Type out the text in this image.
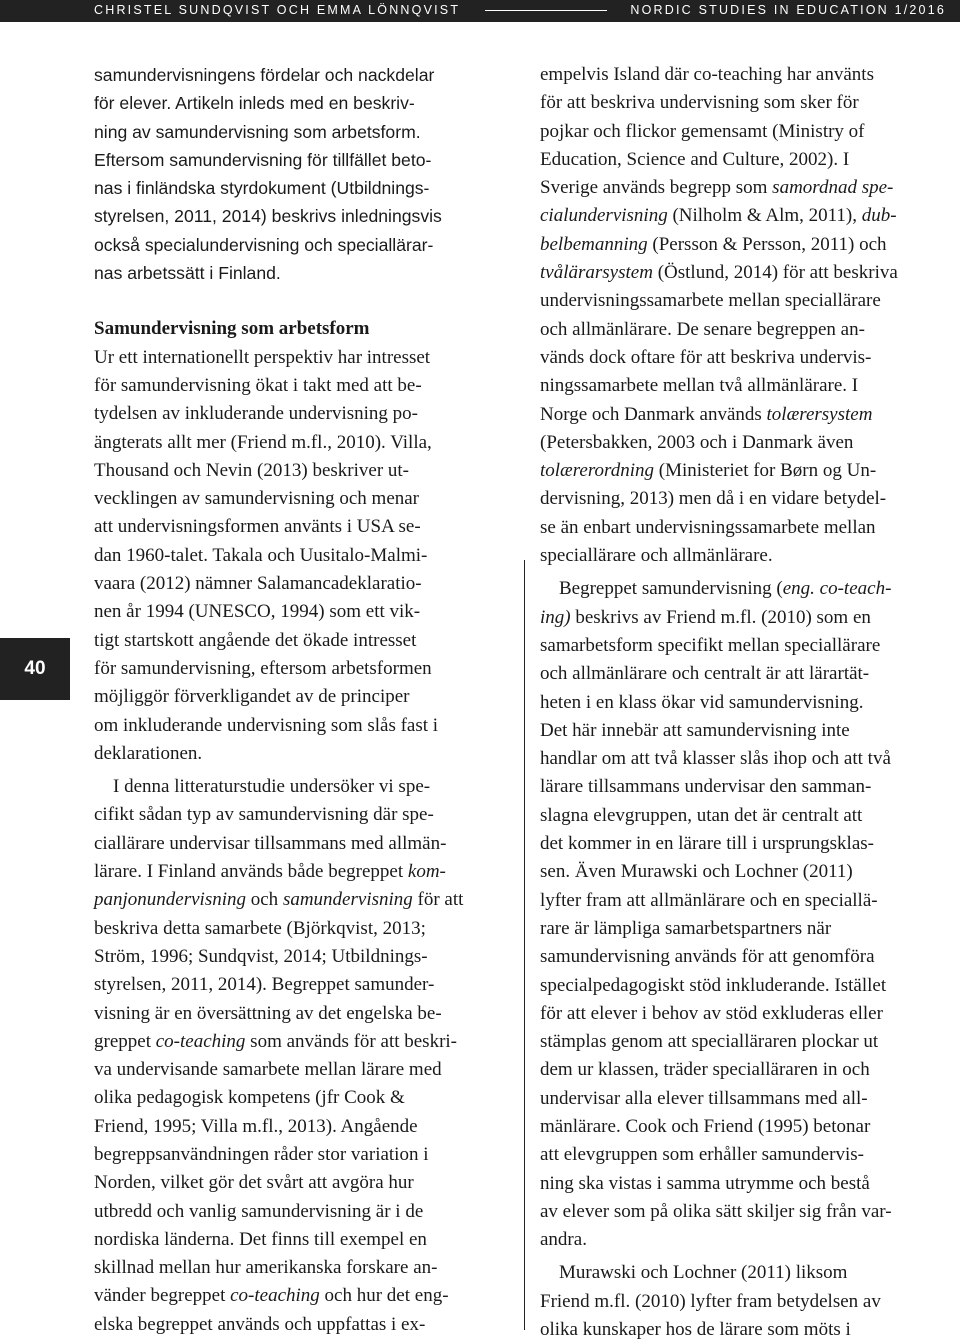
CHRISTEL SUNDQVIST OCH EMMA LÖNNQVIST	NORDIC STUDIES IN EDUCATION 1/2016
40

samundervisningens fördelar och nackdelar
för elever. Artikeln inleds med en beskriv-
ning av samundervisning som arbetsform.
Eftersom samundervisning för tillfället beto-
nas i finländska styrdokument (Utbildnings-
styrelsen, 2011, 2014) beskrivs inledningsvis
också specialundervisning och speciallärar-
nas arbetssätt i Finland.

Samundervisning som arbetsform

Ur ett internationellt perspektiv har intresset
för samundervisning ökat i takt med att be-
tydelsen av inkluderande undervisning po-
ängterats allt mer (Friend m.fl., 2010). Villa,
Thousand och Nevin (2013) beskriver ut-
vecklingen av samundervisning och menar
att undervisningsformen använts i USA se-
dan 1960-talet. Takala och Uusitalo-Malmi-
vaara (2012) nämner Salamancadeklaratio-
nen år 1994 (UNESCO, 1994) som ett vik-
tigt startskott angående det ökade intresset
för samundervisning, eftersom arbetsformen
möjliggör förverkligandet av de principer
om inkluderande undervisning som slås fast i
deklarationen.

 I denna litteraturstudie undersöker vi spe-
cifikt sådan typ av samundervisning där spe-
ciallärare undervisar tillsammans med allmän-
lärare. I Finland används både begreppet kom-
panjonundervisning och samundervisning för att
beskriva detta samarbete (Björkqvist, 2013;
Ström, 1996; Sundqvist, 2014; Utbildnings-
styrelsen, 2011, 2014). Begreppet samunder-
visning är en översättning av det engelska be-
greppet co-teaching som används för att beskri-
va undervisande samarbete mellan lärare med
olika pedagogisk kompetens (jfr Cook &
Friend, 1995; Villa m.fl., 2013). Angående
begreppsanvändningen råder stor variation i
Norden, vilket gör det svårt att avgöra hur
utbredd och vanlig samundervisning är i de
nordiska länderna. Det finns till exempel en
skillnad mellan hur amerikanska forskare an-
vänder begreppet co-teaching och hur det eng-
elska begreppet används och uppfattas i ex-

empelvis Island där co-teaching har använts
för att beskriva undervisning som sker för
pojkar och flickor gemensamt (Ministry of
Education, Science and Culture, 2002). I
Sverige används begrepp som samordnad spe-
cialundervisning (Nilholm & Alm, 2011), dub-
belbemanning (Persson & Persson, 2011) och
tvålärarsystem (Östlund, 2014) för att beskriva
undervisningssamarbete mellan speciallärare
och allmänlärare. De senare begreppen an-
vänds dock oftare för att beskriva undervis-
ningssamarbete mellan två allmänlärare. I
Norge och Danmark används tolærersystem
(Petersbakken, 2003 och i Danmark även
tolærerordning (Ministeriet for Børn og Un-
dervisning, 2013) men då i en vidare betydel-
se än enbart undervisningssamarbete mellan
speciallärare och allmänlärare.

 Begreppet samundervisning (eng. co-teach-
ing) beskrivs av Friend m.fl. (2010) som en
samarbetsform specifikt mellan speciallärare
och allmänlärare och centralt är att lärartät-
heten i en klass ökar vid samundervisning.
Det här innebär att samundervisning inte
handlar om att två klasser slås ihop och att två
lärare tillsammans undervisar den samman-
slagna elevgruppen, utan det är centralt att
det kommer in en lärare till i ursprungsklas-
sen. Även Murawski och Lochner (2011)
lyfter fram att allmänlärare och en speciallä-
rare är lämpliga samarbetspartners när
samundervisning används för att genomföra
specialpedagogiskt stöd inkluderande. Istället
för att elever i behov av stöd exkluderas eller
stämplas genom att specialläraren plockar ut
dem ur klassen, träder specialläraren in och
undervisar alla elever tillsammans med all-
mänlärare. Cook och Friend (1995) betonar
att elevgruppen som erhåller samundervis-
ning ska vistas i samma utrymme och bestå
av elever som på olika sätt skiljer sig från var-
andra.

 Murawski och Lochner (2011) liksom
Friend m.fl. (2010) lyfter fram betydelsen av
olika kunskaper hos de lärare som möts i
